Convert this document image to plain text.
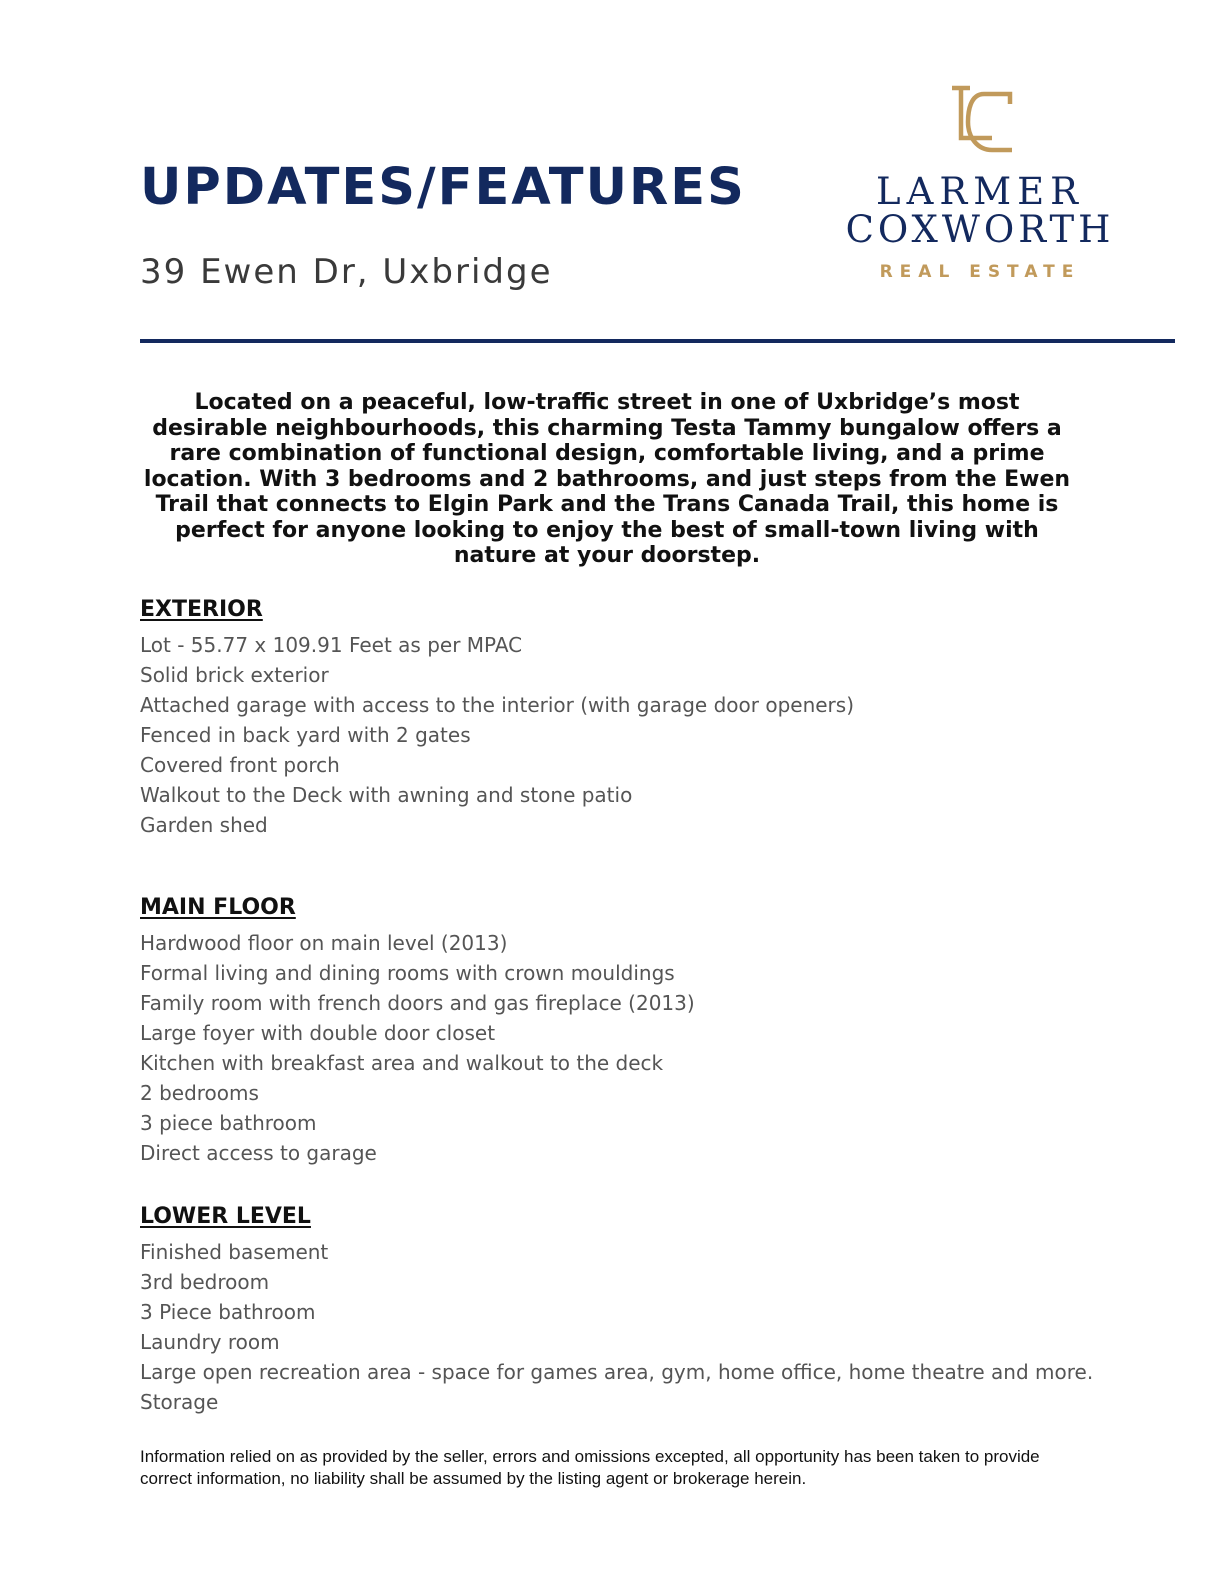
UPDATES/FEATURES
39 Ewen Dr, Uxbridge
LARMER
COXWORTH
REAL ESTATE

Located on a peaceful, low-traffic street in one of Uxbridge’s most desirable neighbourhoods, this charming Testa Tammy bungalow offers a rare combination of functional design, comfortable living, and a prime location. With 3 bedrooms and 2 bathrooms, and just steps from the Ewen Trail that connects to Elgin Park and the Trans Canada Trail, this home is perfect for anyone looking to enjoy the best of small-town living with nature at your doorstep.

EXTERIOR
Lot - 55.77 x 109.91 Feet as per MPAC
Solid brick exterior
Attached garage with access to the interior (with garage door openers)
Fenced in back yard with 2 gates
Covered front porch
Walkout to the Deck with awning and stone patio
Garden shed
MAIN FLOOR
Hardwood floor on main level (2013)
Formal living and dining rooms with crown mouldings
Family room with french doors and gas fireplace (2013)
Large foyer with double door closet
Kitchen with breakfast area and walkout to the deck
2 bedrooms
3 piece bathroom
Direct access to garage
LOWER LEVEL
Finished basement
3rd bedroom
3 Piece bathroom
Laundry room
Large open recreation area - space for games area, gym, home office, home theatre and more.
Storage

Information relied on as provided by the seller, errors and omissions excepted, all opportunity has been taken to provide correct information, no liability shall be assumed by the listing agent or brokerage herein.
